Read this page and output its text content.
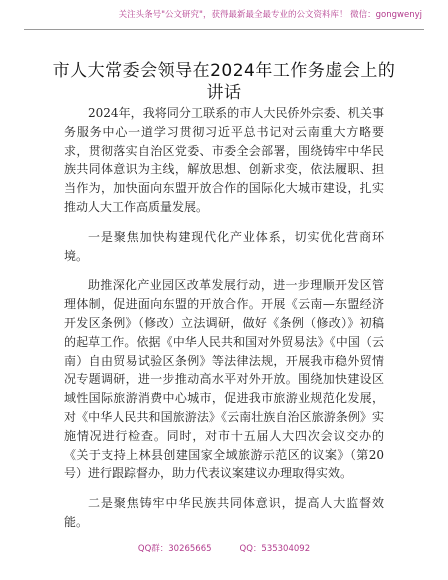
关注头条号"公文研究"，获得最新最全最专业的公文资料库！ 微信：gongwenyj
市人大常委会领导在2024年工作务虚会上的讲话

2024年，我将同分工联系的市人大民侨外宗委、机关事务服务中心一道学习贯彻习近平总书记对云南重大方略要求，贯彻落实自治区党委、市委全会部署，围绕铸牢中华民族共同体意识为主线，解放思想、创新求变，依法履职、担当作为，加快面向东盟开放合作的国际化大城市建设，扎实推动人大工作高质量发展。

一是聚焦加快构建现代化产业体系，切实优化营商环境。

助推深化产业园区改革发展行动，进一步理顺开发区管理体制，促进面向东盟的开放合作。开展《云南—东盟经济开发区条例》（修改）立法调研，做好《条例（修改）》初稿的起草工作。依据《中华人民共和国对外贸易法》《中国（云南）自由贸易试验区条例》等法律法规，开展我市稳外贸情况专题调研，进一步推动高水平对外开放。围绕加快建设区域性国际旅游消费中心城市，促进我市旅游业规范化发展，对《中华人民共和国旅游法》《云南壮族自治区旅游条例》实施情况进行检查。同时，对市十五届人大四次会议交办的《关于支持上林县创建国家全域旅游示范区的议案》（第20号）进行跟踪督办，助力代表议案建议办理取得实效。

二是聚焦铸牢中华民族共同体意识，提高人大监督效能。

QQ群：30265665	QQ：535304092
